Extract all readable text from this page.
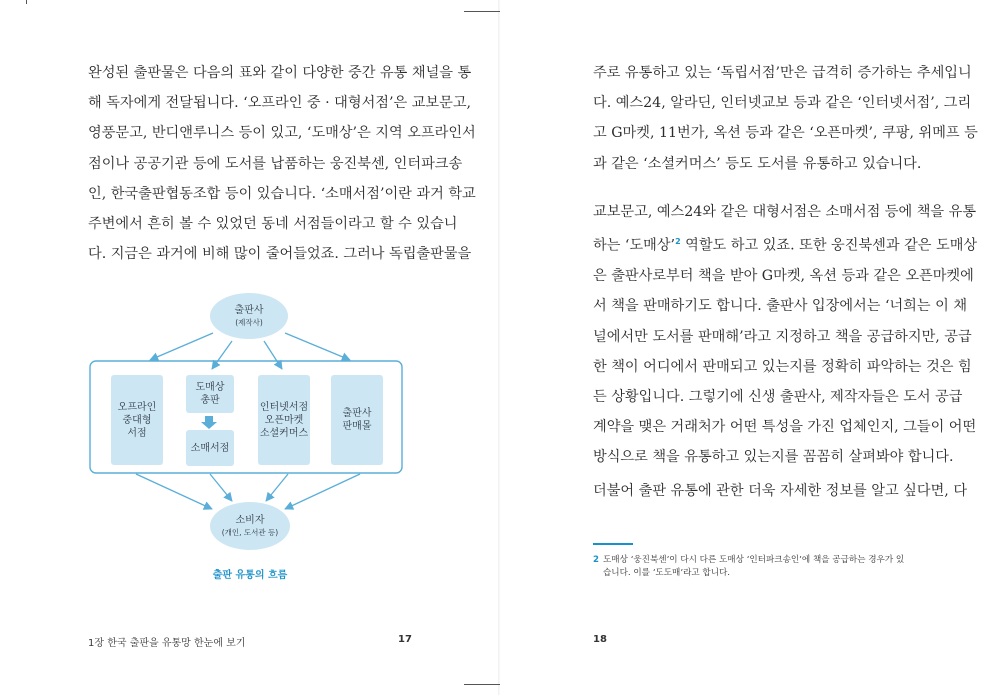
완성된 출판물은 다음의 표와 같이 다양한 중간 유통 채널을 통
해 독자에게 전달됩니다. ‘오프라인 중 · 대형서점’은 교보문고,
영풍문고, 반디앤루니스 등이 있고, ‘도매상’은 지역 오프라인서
점이나 공공기관 등에 도서를 납품하는 웅진북센, 인터파크송
인, 한국출판협동조합 등이 있습니다. ‘소매서점’이란 과거 학교
주변에서 흔히 볼 수 있었던 동네 서점들이라고 할 수 있습니
다. 지금은 과거에 비해 많이 줄어들었죠. 그러나 독립출판물을
출판사
(제작사)
오프라인
중대형
서점
도매상
총판
소매서점
인터넷서점
오픈마켓
소셜커머스
출판사
판매몰
소비자
(개인, 도서관 등)
출판 유통의 흐름
1장 한국 출판을 유통망 한눈에 보기	17
주로 유통하고 있는 ‘독립서점’만은 급격히 증가하는 추세입니
다. 예스24, 알라딘, 인터넷교보 등과 같은 ‘인터넷서점’, 그리
고 G마켓, 11번가, 옥션 등과 같은 ‘오픈마켓’, 쿠팡, 위메프 등
과 같은 ‘소셜커머스’ 등도 도서를 유통하고 있습니다.
교보문고, 예스24와 같은 대형서점은 소매서점 등에 책을 유통
하는 ‘도매상’$^2$ 역할도 하고 있죠. 또한 웅진북센과 같은 도매상
은 출판사로부터 책을 받아 G마켓, 옥션 등과 같은 오픈마켓에
서 책을 판매하기도 합니다. 출판사 입장에서는 ‘너희는 이 채
널에서만 도서를 판매해’라고 지정하고 책을 공급하지만, 공급
한 책이 어디에서 판매되고 있는지를 정확히 파악하는 것은 힘
든 상황입니다. 그렇기에 신생 출판사, 제작자들은 도서 공급
계약을 맺은 거래처가 어떤 특성을 가진 업체인지, 그들이 어떤
방식으로 책을 유통하고 있는지를 꼼꼼히 살펴봐야 합니다.
더불어 출판 유통에 관한 더욱 자세한 정보를 알고 싶다면, 다
2 도매상 ‘웅진북센’이 다시 다른 도매상 ‘인터파크송인’에 책을 공급하는 경우가 있
습니다. 이를 ‘도도매’라고 합니다.
18
